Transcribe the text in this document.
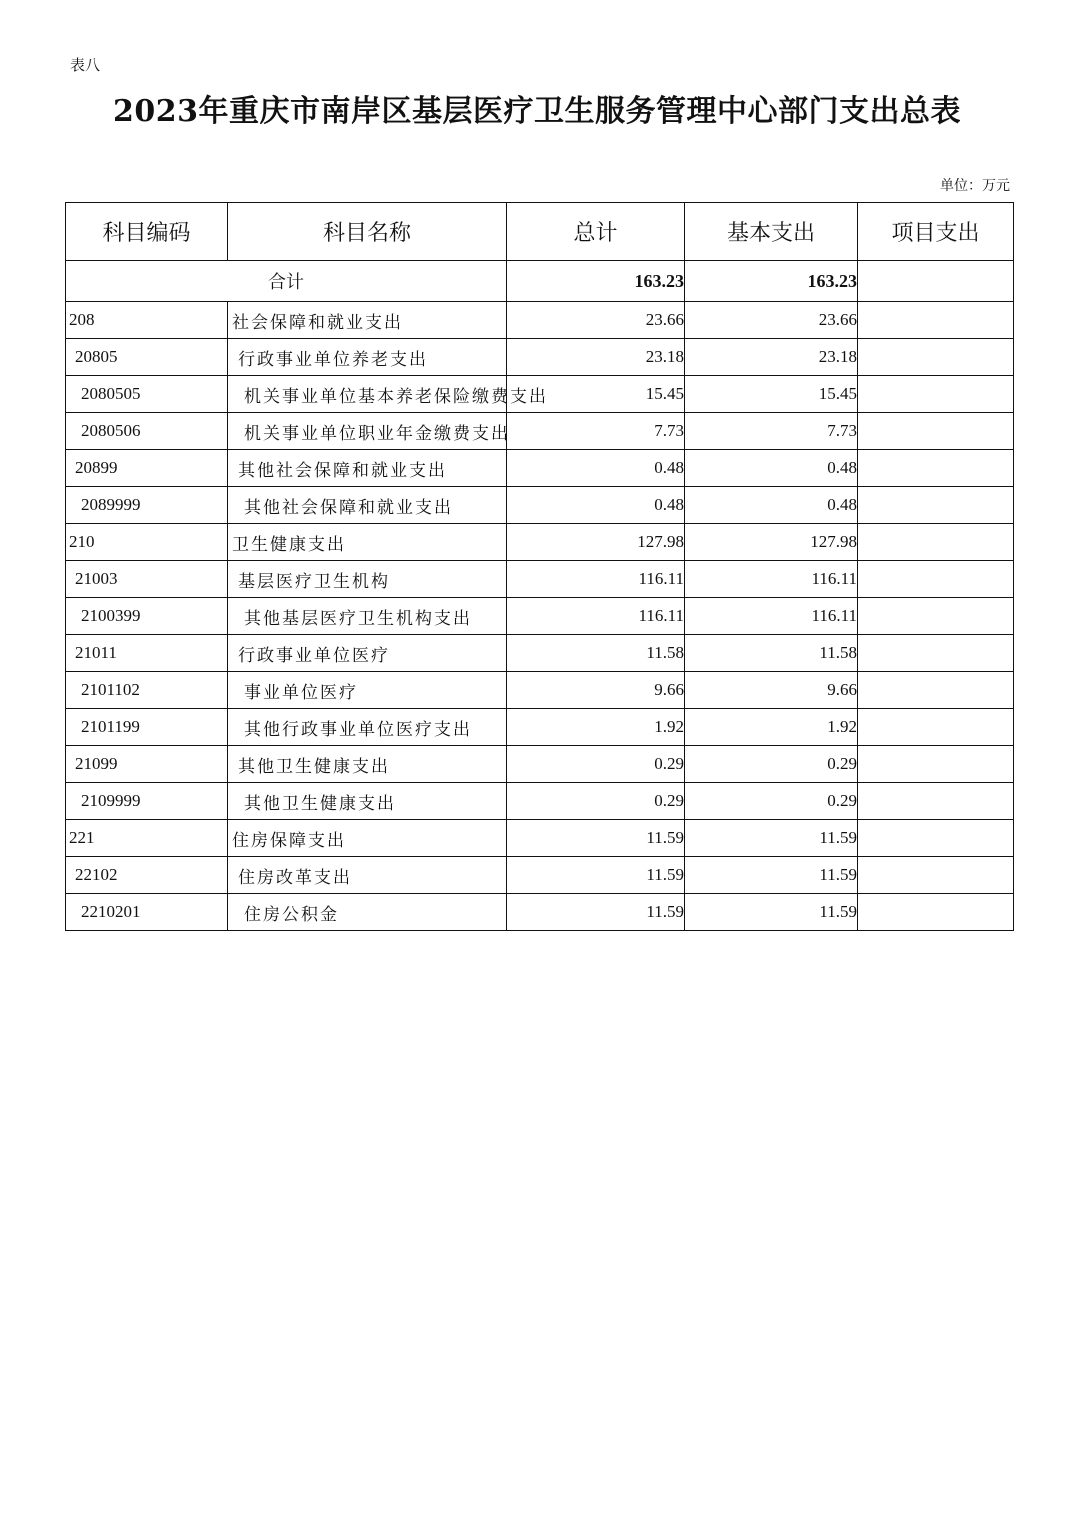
表八
2023年重庆市南岸区基层医疗卫生服务管理中心部门支出总表
单位：万元
科目编码	科目名称	总计	基本支出	项目支出
合计		163.23	163.23	
208	社会保障和就业支出	23.66	23.66	
20805	行政事业单位养老支出	23.18	23.18	
2080505	机关事业单位基本养老保险缴费支出	15.45	15.45	
2080506	机关事业单位职业年金缴费支出	7.73	7.73	
20899	其他社会保障和就业支出	0.48	0.48	
2089999	其他社会保障和就业支出	0.48	0.48	
210	卫生健康支出	127.98	127.98	
21003	基层医疗卫生机构	116.11	116.11	
2100399	其他基层医疗卫生机构支出	116.11	116.11	
21011	行政事业单位医疗	11.58	11.58	
2101102	事业单位医疗	9.66	9.66	
2101199	其他行政事业单位医疗支出	1.92	1.92	
21099	其他卫生健康支出	0.29	0.29	
2109999	其他卫生健康支出	0.29	0.29	
221	住房保障支出	11.59	11.59	
22102	住房改革支出	11.59	11.59	
2210201	住房公积金	11.59	11.59	
